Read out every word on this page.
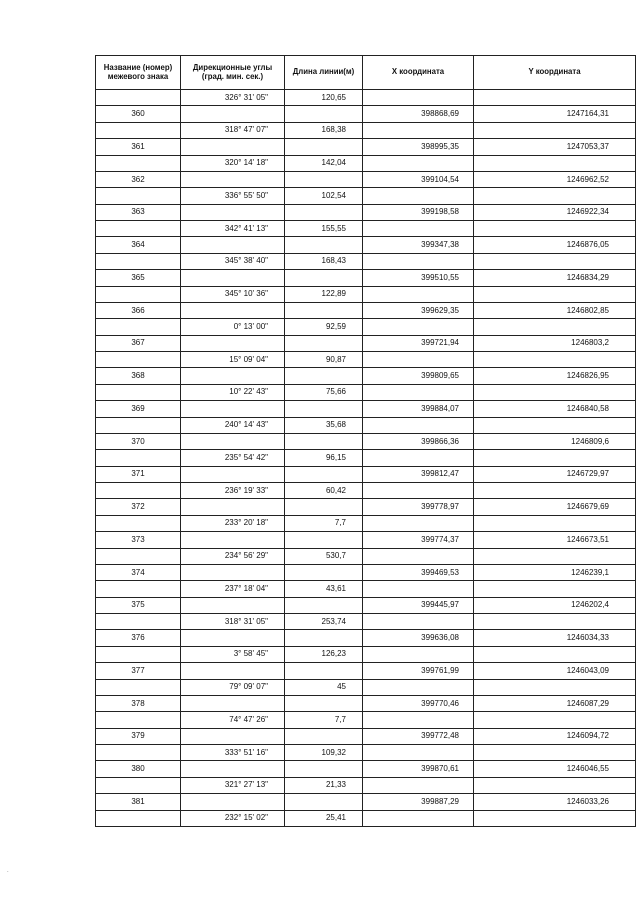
Название (номер) межевого знака	Дирекционные углы (град. мин. сек.)	Длина линии(м)	X координата	Y координата
	326° 31' 05"	120,65		
360			398868,69	1247164,31
	318° 47' 07"	168,38		
361			398995,35	1247053,37
	320° 14' 18"	142,04		
362			399104,54	1246962,52
	336° 55' 50"	102,54		
363			399198,58	1246922,34
	342° 41' 13"	155,55		
364			399347,38	1246876,05
	345° 38' 40"	168,43		
365			399510,55	1246834,29
	345° 10' 36"	122,89		
366			399629,35	1246802,85
	0° 13' 00"	92,59		
367			399721,94	1246803,2
	15° 09' 04"	90,87		
368			399809,65	1246826,95
	10° 22' 43"	75,66		
369			399884,07	1246840,58
	240° 14' 43"	35,68		
370			399866,36	1246809,6
	235° 54' 42"	96,15		
371			399812,47	1246729,97
	236° 19' 33"	60,42		
372			399778,97	1246679,69
	233° 20' 18"	7,7		
373			399774,37	1246673,51
	234° 56' 29"	530,7		
374			399469,53	1246239,1
	237° 18' 04"	43,61		
375			399445,97	1246202,4
	318° 31' 05"	253,74		
376			399636,08	1246034,33
	3° 58' 45"	126,23		
377			399761,99	1246043,09
	79° 09' 07"	45		
378			399770,46	1246087,29
	74° 47' 26"	7,7		
379			399772,48	1246094,72
	333° 51' 16"	109,32		
380			399870,61	1246046,55
	321° 27' 13"	21,33		
381			399887,29	1246033,26
	232° 15' 02"	25,41		
.
